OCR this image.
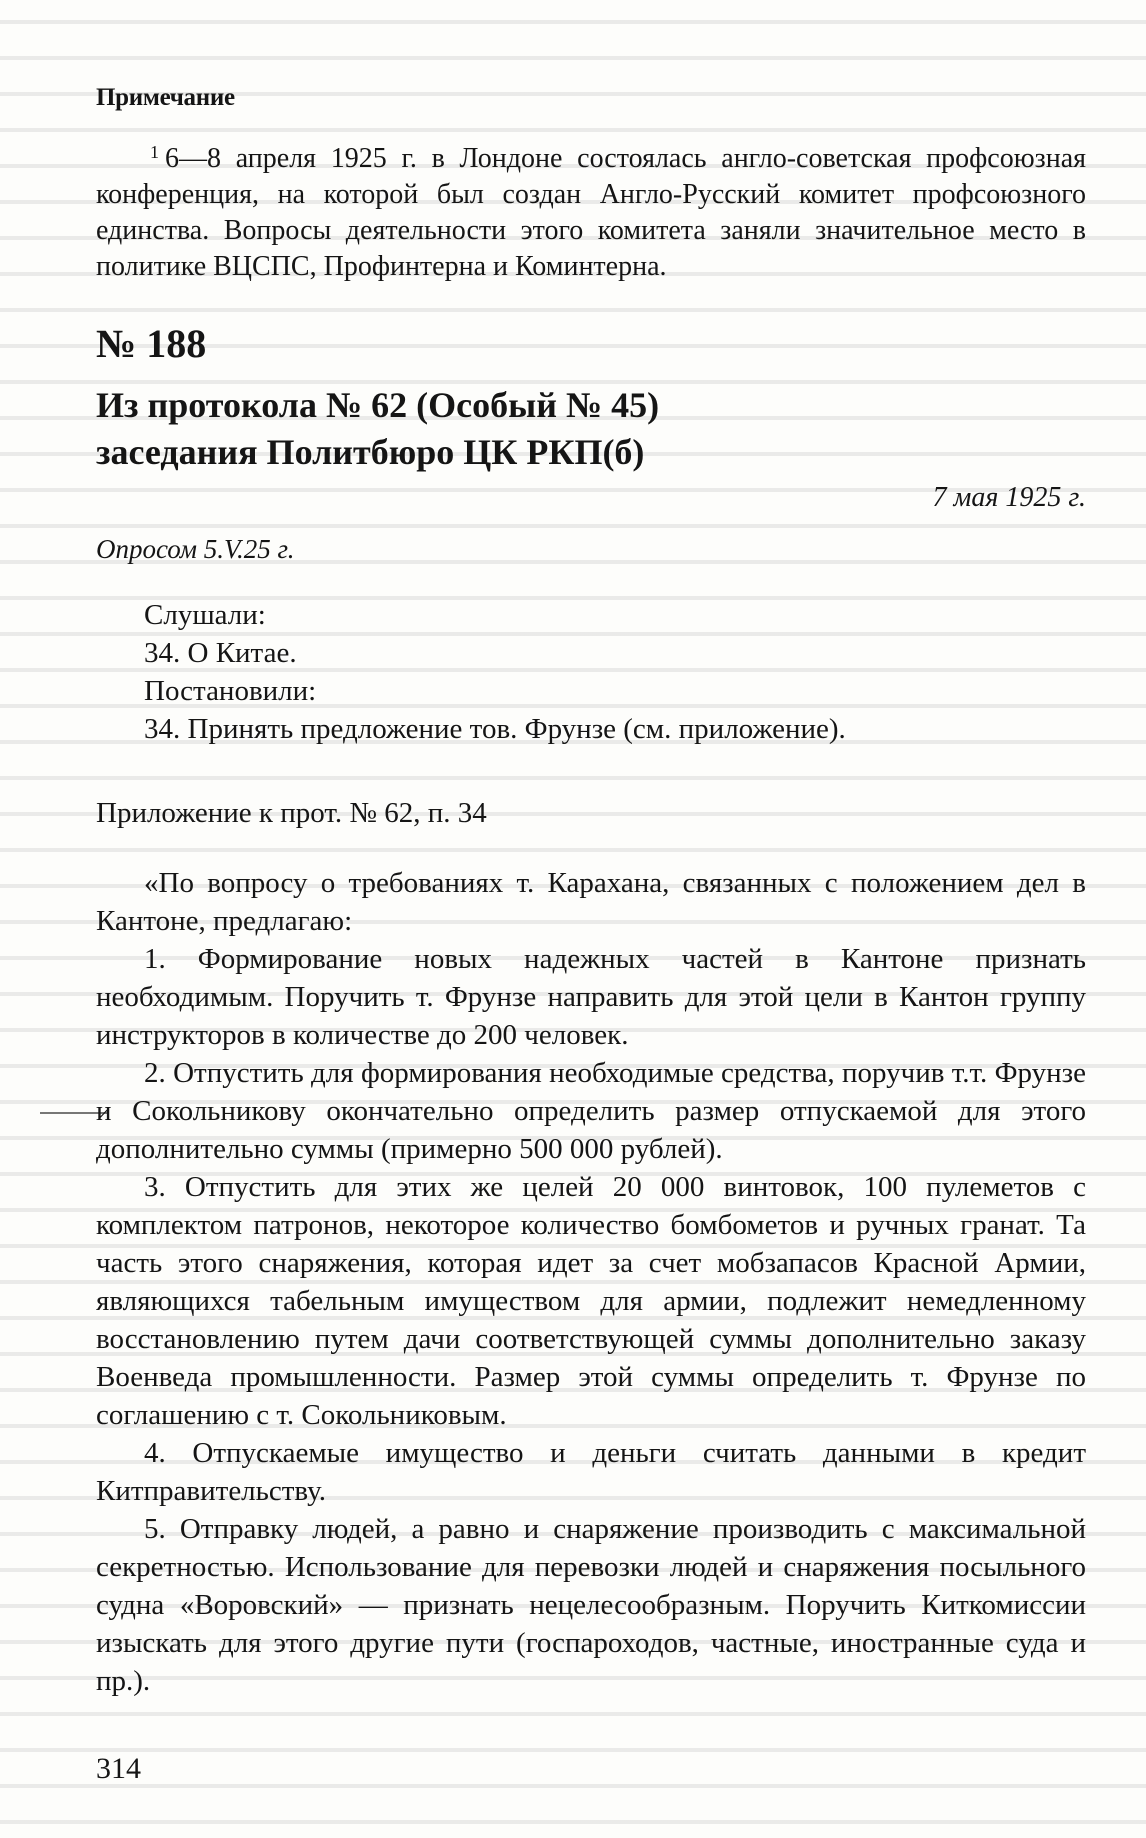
Примечание

$^1$ 6—8 апреля 1925 г. в Лондоне состоялась англо-советская профсоюзная конференция, на которой был создан Англо-Русский комитет профсоюзного единства. Вопросы деятельности этого комитета заняли значительное место в политике ВЦСПС, Профинтерна и Коминтерна.

№ 188
Из протокола № 62 (Особый № 45)
заседания Политбюро ЦК РКП(б)
7 мая 1925 г.
Опросом 5.V.25 г.

Слушали:

34. О Китае.

Постановили:

34. Принять предложение тов. Фрунзе (см. приложение).

Приложение к прот. № 62, п. 34

«По вопросу о требованиях т. Карахана, связанных с положением дел в Кантоне, предлагаю:

1. Формирование новых надежных частей в Кантоне признать необходимым. Поручить т. Фрунзе направить для этой цели в Кантон группу инструкторов в количестве до 200 человек.

2. Отпустить для формирования необходимые средства, поручив т.т. Фрунзе и Сокольникову окончательно определить размер отпускаемой для этого дополнительно суммы (примерно 500 000 рублей).

3. Отпустить для этих же целей 20 000 винтовок, 100 пулеметов с комплектом патронов, некоторое количество бомбометов и ручных гранат. Та часть этого снаряжения, которая идет за счет мобзапасов Красной Армии, являющихся табельным имуществом для армии, подлежит немедленному восстановлению путем дачи соответствующей суммы дополнительно заказу Военведа промышленности. Размер этой суммы определить т. Фрунзе по соглашению с т. Сокольниковым.

4. Отпускаемые имущество и деньги считать данными в кредит Китправительству.

5. Отправку людей, а равно и снаряжение производить с максимальной секретностью. Использование для перевозки людей и снаряжения посыльного судна «Воровский» — признать нецелесообразным. Поручить Киткомиссии изыскать для этого другие пути (госпароходов, частные, иностранные суда и пр.).

314
